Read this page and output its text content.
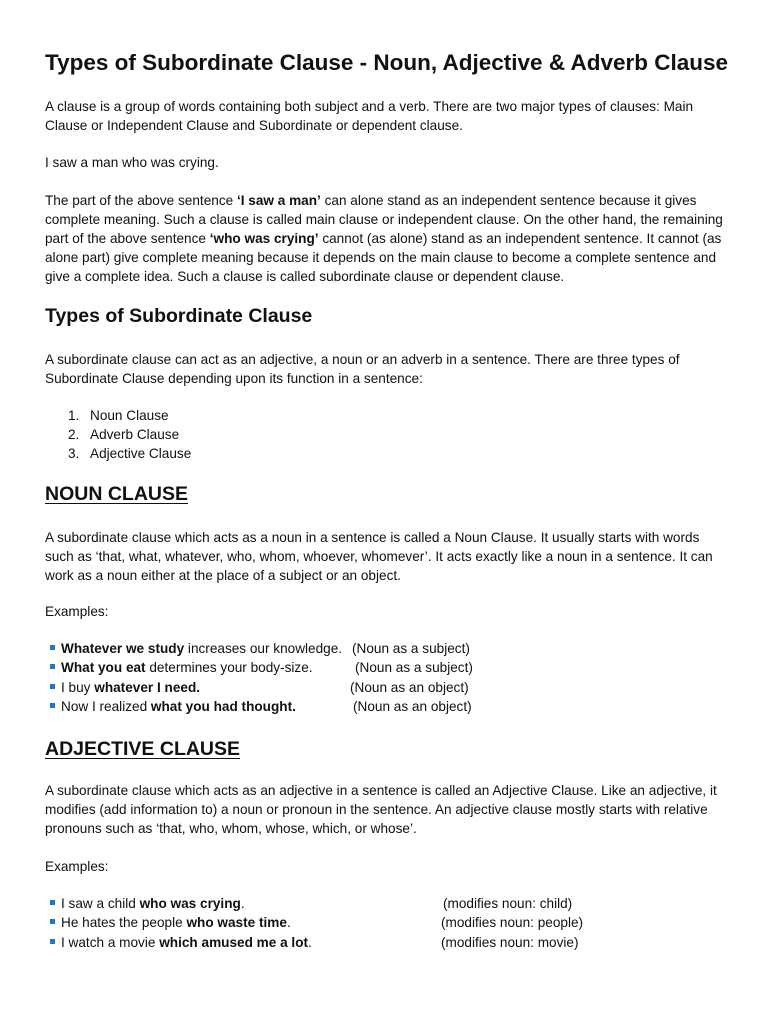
Types of Subordinate Clause - Noun, Adjective & Adverb Clause

A clause is a group of words containing both subject and a verb. There are two major types of clauses: Main Clause or Independent Clause and Subordinate or dependent clause.

I saw a man who was crying.

The part of the above sentence ‘I saw a man’ can alone stand as an independent sentence because it gives complete meaning. Such a clause is called main clause or independent clause. On the other hand, the remaining part of the above sentence ‘who was crying’ cannot (as alone) stand as an independent sentence. It cannot (as alone part) give complete meaning because it depends on the main clause to become a complete sentence and give a complete idea. Such a clause is called subordinate clause or dependent clause.

Types of Subordinate Clause

A subordinate clause can act as an adjective, a noun or an adverb in a sentence. There are three types of Subordinate Clause depending upon its function in a sentence:

1. Noun Clause
2. Adverb Clause
3. Adjective Clause
NOUN CLAUSE

A subordinate clause which acts as a noun in a sentence is called a Noun Clause. It usually starts with words such as ‘that, what, whatever, who, whom, whoever, whomever’. It acts exactly like a noun in a sentence. It can work as a noun either at the place of a subject or an object.

Examples:

Whatever we study increases our knowledge. (Noun as a subject)
What you eat determines your body-size.	(Noun as a subject)
I buy whatever I need.	(Noun as an object)
Now I realized what you had thought.	(Noun as an object)
ADJECTIVE CLAUSE

A subordinate clause which acts as an adjective in a sentence is called an Adjective Clause. Like an adjective, it modifies (add information to) a noun or pronoun in the sentence. An adjective clause mostly starts with relative pronouns such as ‘that, who, whom, whose, which, or whose’.

Examples:

I saw a child who was crying.	(modifies noun: child)
He hates the people who waste time.	(modifies noun: people)
I watch a movie which amused me a lot.	(modifies noun: movie)
